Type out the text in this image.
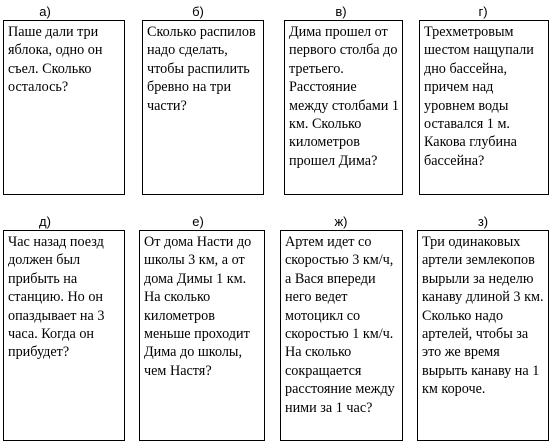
а)	б)	в)	г)
Паше дали три яблока, одно он съел. Сколько осталось?
Сколько распилов надо сделать, чтобы распилить бревно на три части?
Дима прошел от первого столба до третьего. Расстояние между столбами 1 км. Сколько километров прошел Дима?
Трехметровым шестом нащупали дно бассейна, причем над уровнем воды оставался 1 м. Какова глубина бассейна?
д)	е)	ж)	з)
Час назад поезд должен был прибыть на станцию. Но он опаздывает на 3 часа. Когда он прибудет?
От дома Насти до школы 3 км, а от дома Димы 1 км. На сколько километров меньше проходит Дима до школы, чем Настя?
Артем идет со скоростью 3 км/ч, а Вася впереди него ведет мотоцикл со скоростью 1 км/ч. На сколько сокращается расстояние между ними за 1 час?
Три одинаковых артели землекопов вырыли за неделю канаву длиной 3 км. Сколько надо артелей, чтобы за это же время вырыть канаву на 1 км короче.
